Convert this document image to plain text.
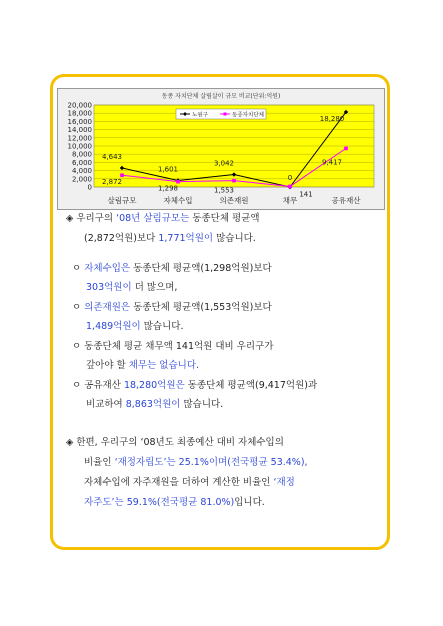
동종 자치단체 살림살이 규모 비교(단위:억원)
0
2,000
4,000
6,000
8,000
10,000
12,000
14,000
16,000
18,000
20,000
살림규모	자체수입	의존재원	채무	공유재산
4,643
1,601
3,042
0
18,280
2,872
1,298	1,553	141
9,417
노원구	동종자치단체
◈ 우리구의 ‘08년 살림규모는 동종단체 평균액
(2,872억원)보다 1,771억원이 많습니다.
ㅇ 자체수입은 동종단체 평균액(1,298억원)보다
303억원이 더 많으며,
ㅇ 의존재원은 동종단체 평균액(1,553억원)보다
1,489억원이 많습니다.
ㅇ 동종단체 평균 채무액 141억원 대비 우리구가
갚아야 할 채무는 없습니다.
ㅇ 공유재산 18,280억원은 동종단체 평균액(9,417억원)과
비교하여 8,863억원이 많습니다.
◈ 한편, 우리구의 ‘08년도 최종예산 대비 자체수입의
비율인 ‘재정자립도’는 25.1%이며(전국평균 53.4%),
자체수입에 자주재원을 더하여 계산한 비율인 ‘재정
자주도’는 59.1%(전국평균 81.0%)입니다.
